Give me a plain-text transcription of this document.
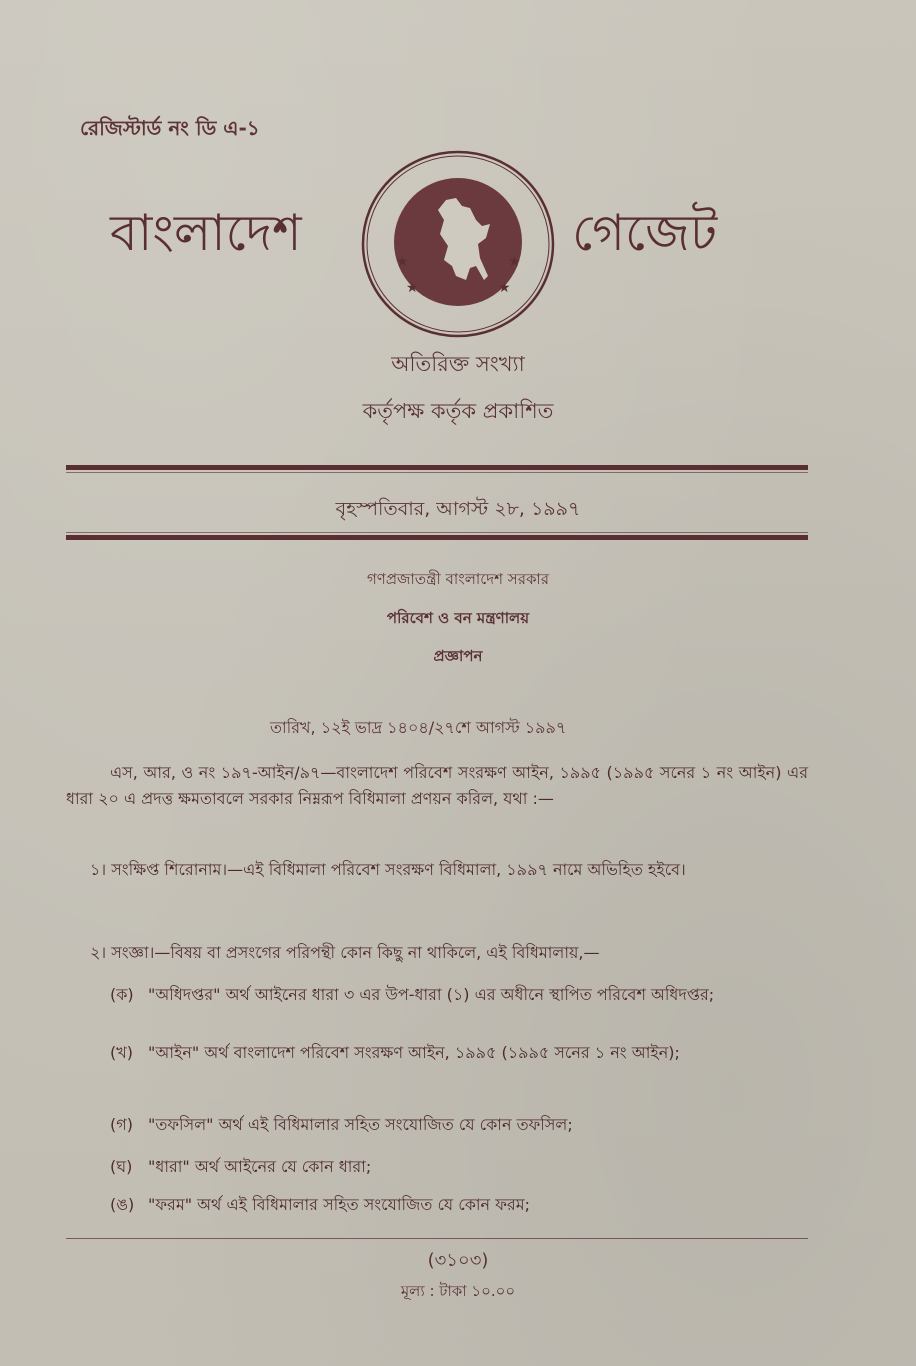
রেজিস্টার্ড নং ডি এ-১
বাংলাদেশ	★
★
★
★
গেজেট
অতিরিক্ত সংখ্যা
কর্তৃপক্ষ কর্তৃক প্রকাশিত
বৃহস্পতিবার, আগস্ট ২৮, ১৯৯৭
গণপ্রজাতন্ত্রী বাংলাদেশ সরকার
পরিবেশ ও বন মন্ত্রণালয়
প্রজ্ঞাপন
তারিখ, ১২ই ভাদ্র ১৪০৪/২৭শে আগস্ট ১৯৯৭
এস, আর, ও নং ১৯৭-আইন/৯৭—বাংলাদেশ পরিবেশ সংরক্ষণ আইন, ১৯৯৫ (১৯৯৫ সনের ১ নং আইন) এর ধারা ২০ এ প্রদত্ত ক্ষমতাবলে সরকার নিম্নরূপ বিধিমালা প্রণয়ন করিল, যথা :—
১। সংক্ষিপ্ত শিরোনাম।—এই বিধিমালা পরিবেশ সংরক্ষণ বিধিমালা, ১৯৯৭ নামে অভিহিত হইবে।
২। সংজ্ঞা।—বিষয় বা প্রসংগের পরিপন্থী কোন কিছু না থাকিলে, এই বিধিমালায়,—
(ক) "অধিদপ্তর" অর্থ আইনের ধারা ৩ এর উপ-ধারা (১) এর অধীনে স্থাপিত পরিবেশ অধিদপ্তর;
(খ) "আইন" অর্থ বাংলাদেশ পরিবেশ সংরক্ষণ আইন, ১৯৯৫ (১৯৯৫ সনের ১ নং আইন);
(গ) "তফসিল" অর্থ এই বিধিমালার সহিত সংযোজিত যে কোন তফসিল;
(ঘ) "ধারা" অর্থ আইনের যে কোন ধারা;
(ঙ) "ফরম" অর্থ এই বিধিমালার সহিত সংযোজিত যে কোন ফরম;
(৩১০৩)
মূল্য : টাকা ১০.০০
